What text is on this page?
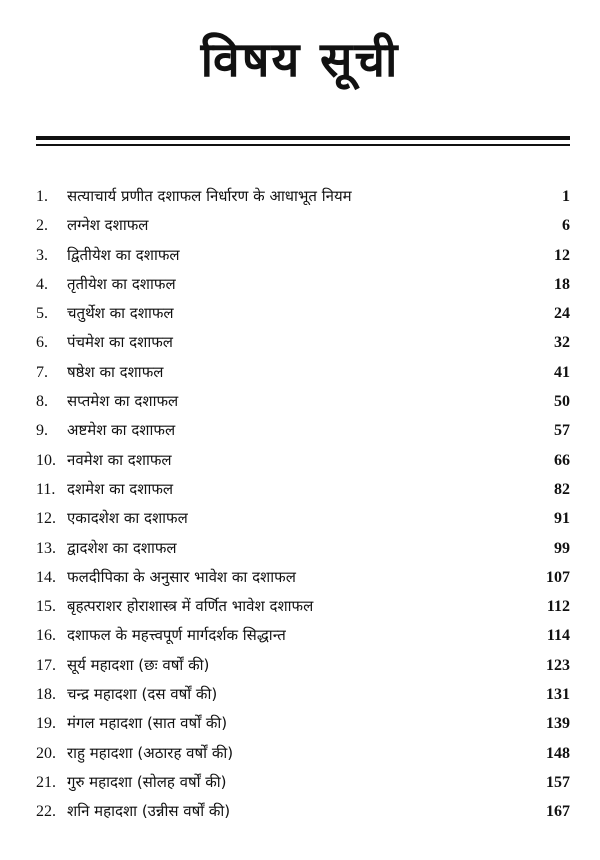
विषय सूची
1.	सत्याचार्य प्रणीत दशाफल निर्धारण के आधाभूत नियम	1
2.	लग्नेश दशाफल	6
3.	द्वितीयेश का दशाफल	12
4.	तृतीयेश का दशाफल	18
5.	चतुर्थेश का दशाफल	24
6.	पंचमेश का दशाफल	32
7.	षष्ठेश का दशाफल	41
8.	सप्तमेश का दशाफल	50
9.	अष्टमेश का दशाफल	57
10. नवमेश का दशाफल	66
11. दशमेश का दशाफल	82
12. एकादशेश का दशाफल	91
13. द्वादशेश का दशाफल	99
14. फलदीपिका के अनुसार भावेश का दशाफल	107
15. बृहत्पराशर होराशास्त्र में वर्णित भावेश दशाफल	112
16. दशाफल के महत्त्वपूर्ण मार्गदर्शक सिद्धान्त	114
17. सूर्य महादशा (छः वर्षों की)	123
18. चन्द्र महादशा (दस वर्षों की)	131
19. मंगल महादशा (सात वर्षों की)	139
20. राहु महादशा (अठारह वर्षों की)	148
21. गुरु महादशा (सोलह वर्षों की)	157
22. शनि महादशा (उन्नीस वर्षों की)	167
